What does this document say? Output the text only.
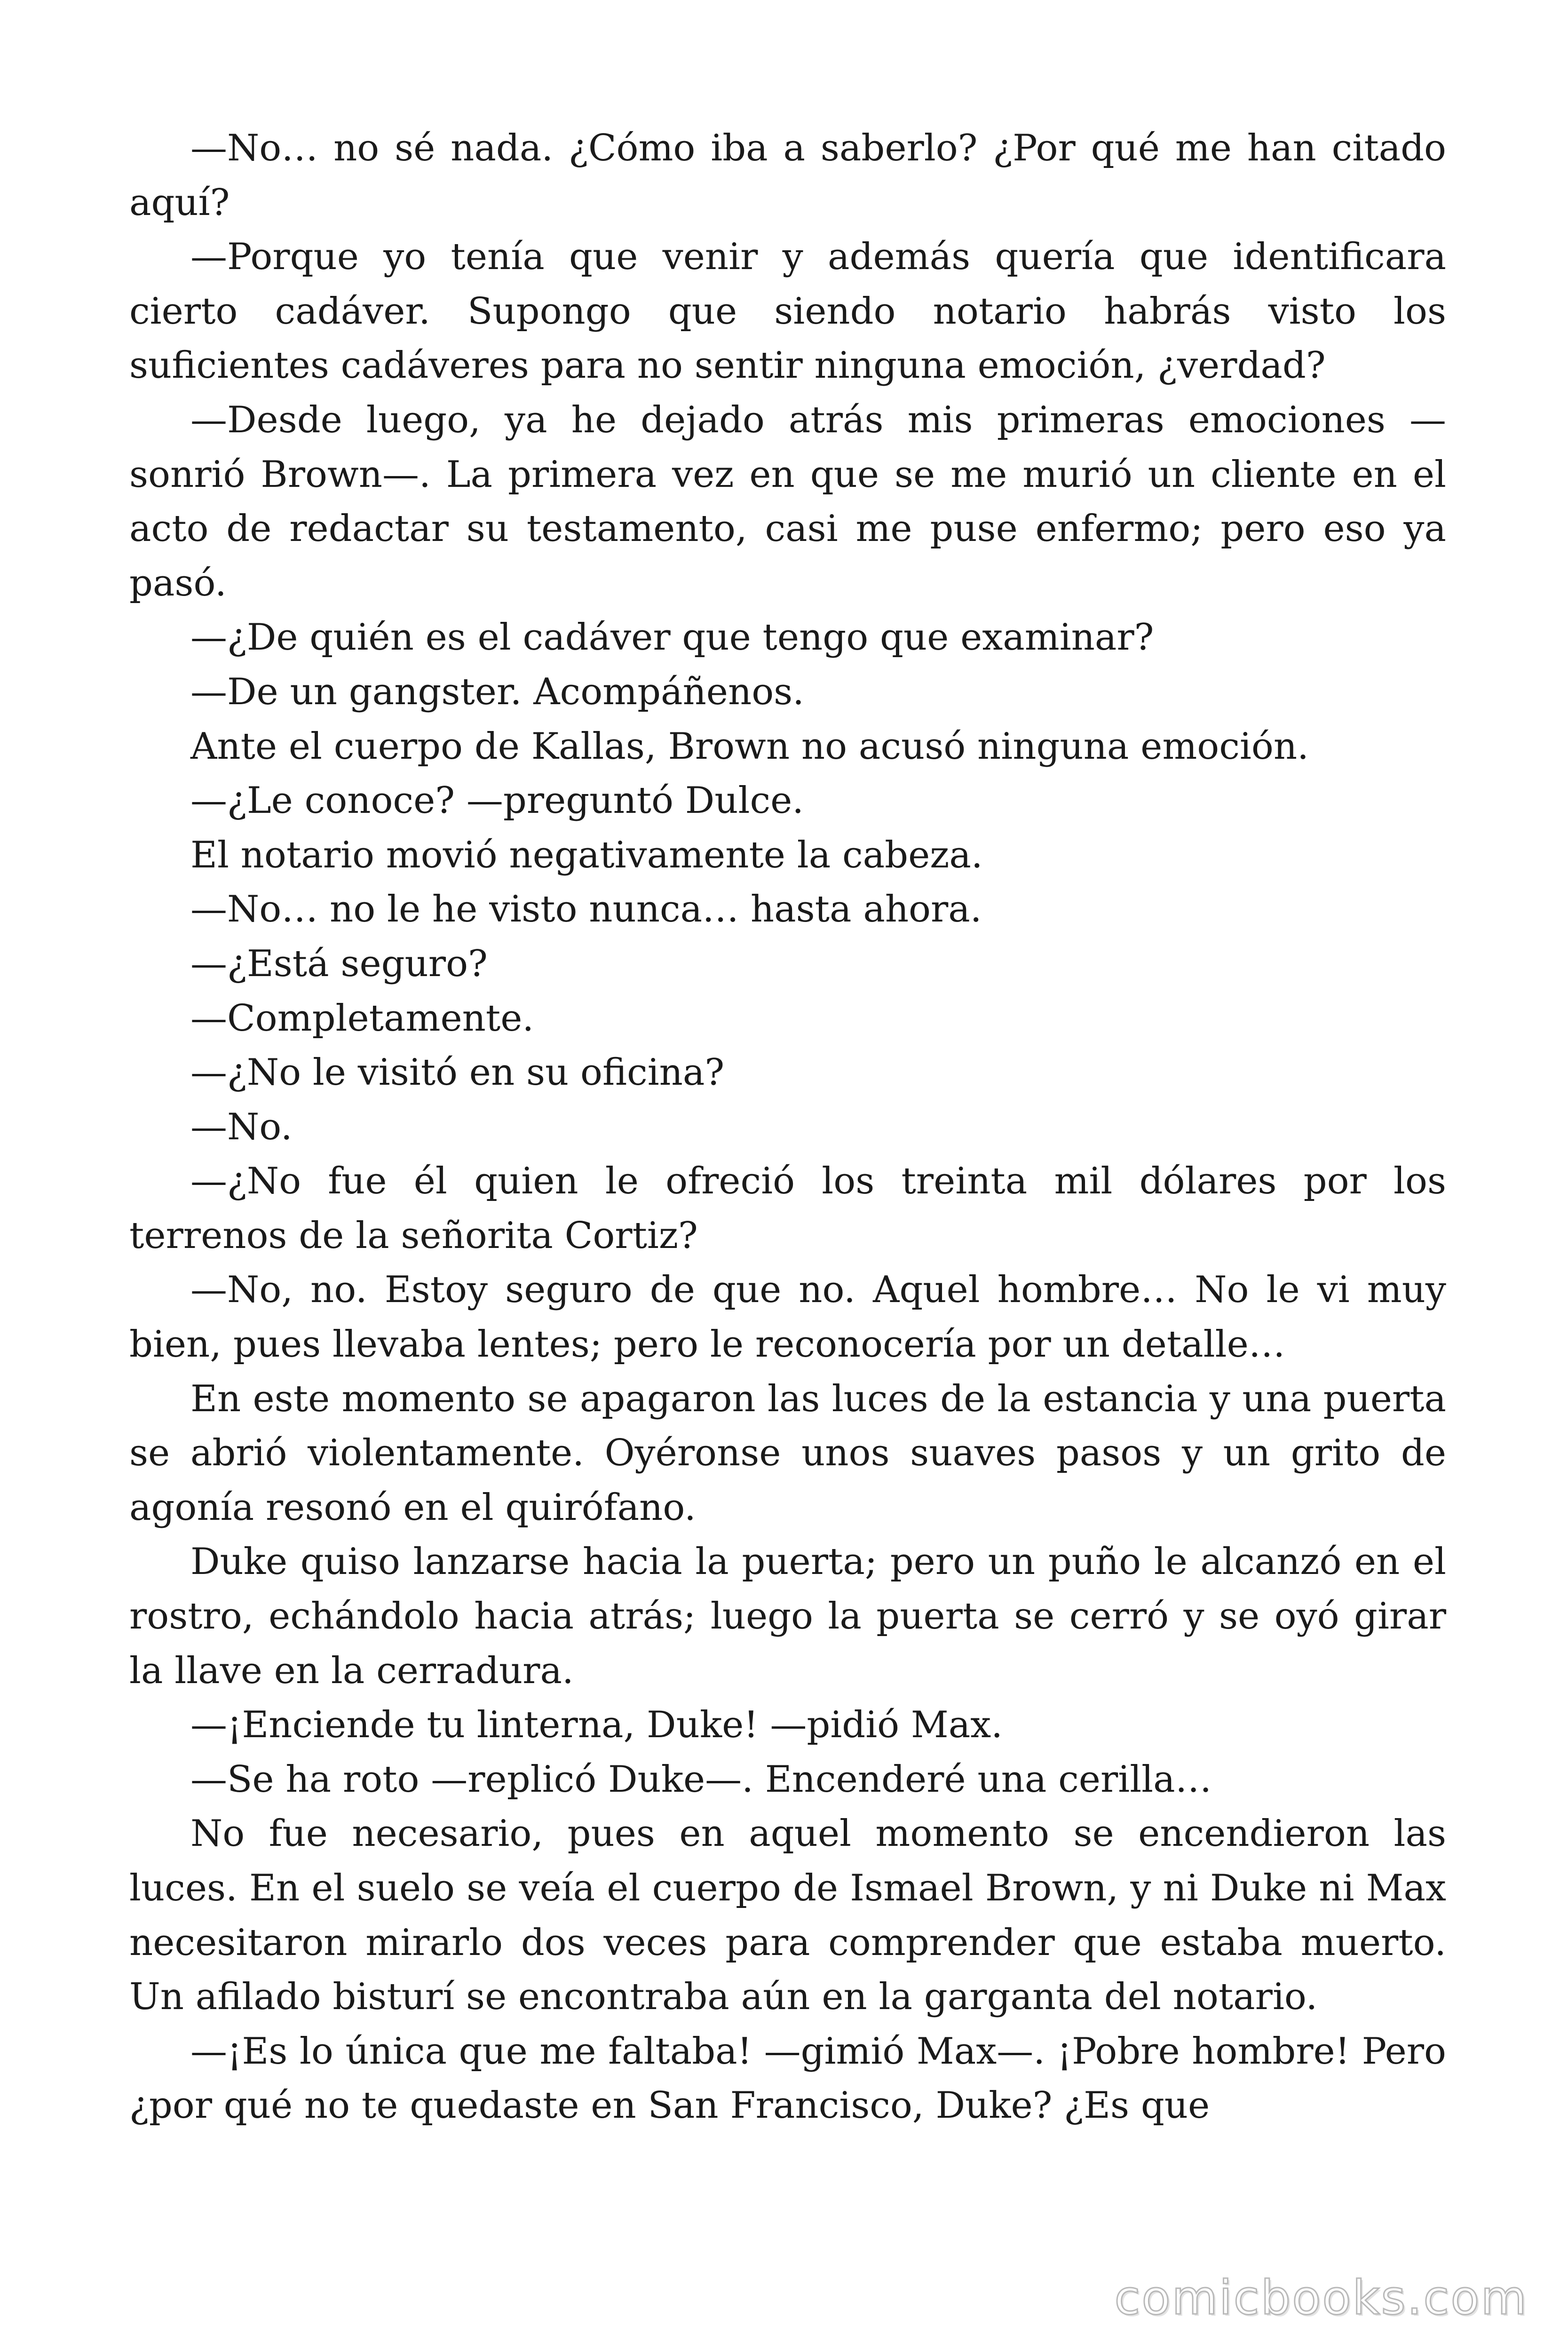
—No… no sé nada. ¿Cómo iba a saberlo? ¿Por qué me han citado aquí?

—Porque yo tenía que venir y además quería que identificara cierto cadáver. Supongo que siendo notario habrás visto los suficientes cadáveres para no sentir ninguna emoción, ¿verdad?

—Desde luego, ya he dejado atrás mis primeras emociones —sonrió Brown—. La primera vez en que se me murió un cliente en el acto de redactar su testamento, casi me puse enfermo; pero eso ya pasó.

—¿De quién es el cadáver que tengo que examinar?

—De un gangster. Acompáñenos.

Ante el cuerpo de Kallas, Brown no acusó ninguna emoción.

—¿Le conoce? —preguntó Dulce.

El notario movió negativamente la cabeza.

—No… no le he visto nunca… hasta ahora.

—¿Está seguro?

—Completamente.

—¿No le visitó en su oficina?

—No.

—¿No fue él quien le ofreció los treinta mil dólares por los terrenos de la señorita Cortiz?

—No, no. Estoy seguro de que no. Aquel hombre… No le vi muy bien, pues llevaba lentes; pero le reconocería por un detalle…

En este momento se apagaron las luces de la estancia y una puerta se abrió violentamente. Oyéronse unos suaves pasos y un grito de agonía resonó en el quirófano.

Duke quiso lanzarse hacia la puerta; pero un puño le alcanzó en el rostro, echándolo hacia atrás; luego la puerta se cerró y se oyó girar la llave en la cerradura.

—¡Enciende tu linterna, Duke! —pidió Max.

—Se ha roto —replicó Duke—. Encenderé una cerilla…

No fue necesario, pues en aquel momento se encendieron las luces. En el suelo se veía el cuerpo de Ismael Brown, y ni Duke ni Max necesitaron mirarlo dos veces para comprender que estaba muerto. Un afilado bisturí se encontraba aún en la garganta del notario.

—¡Es lo única que me faltaba! —gimió Max—. ¡Pobre hombre! Pero ¿por qué no te quedaste en San Francisco, Duke? ¿Es que

comicbooks.com
